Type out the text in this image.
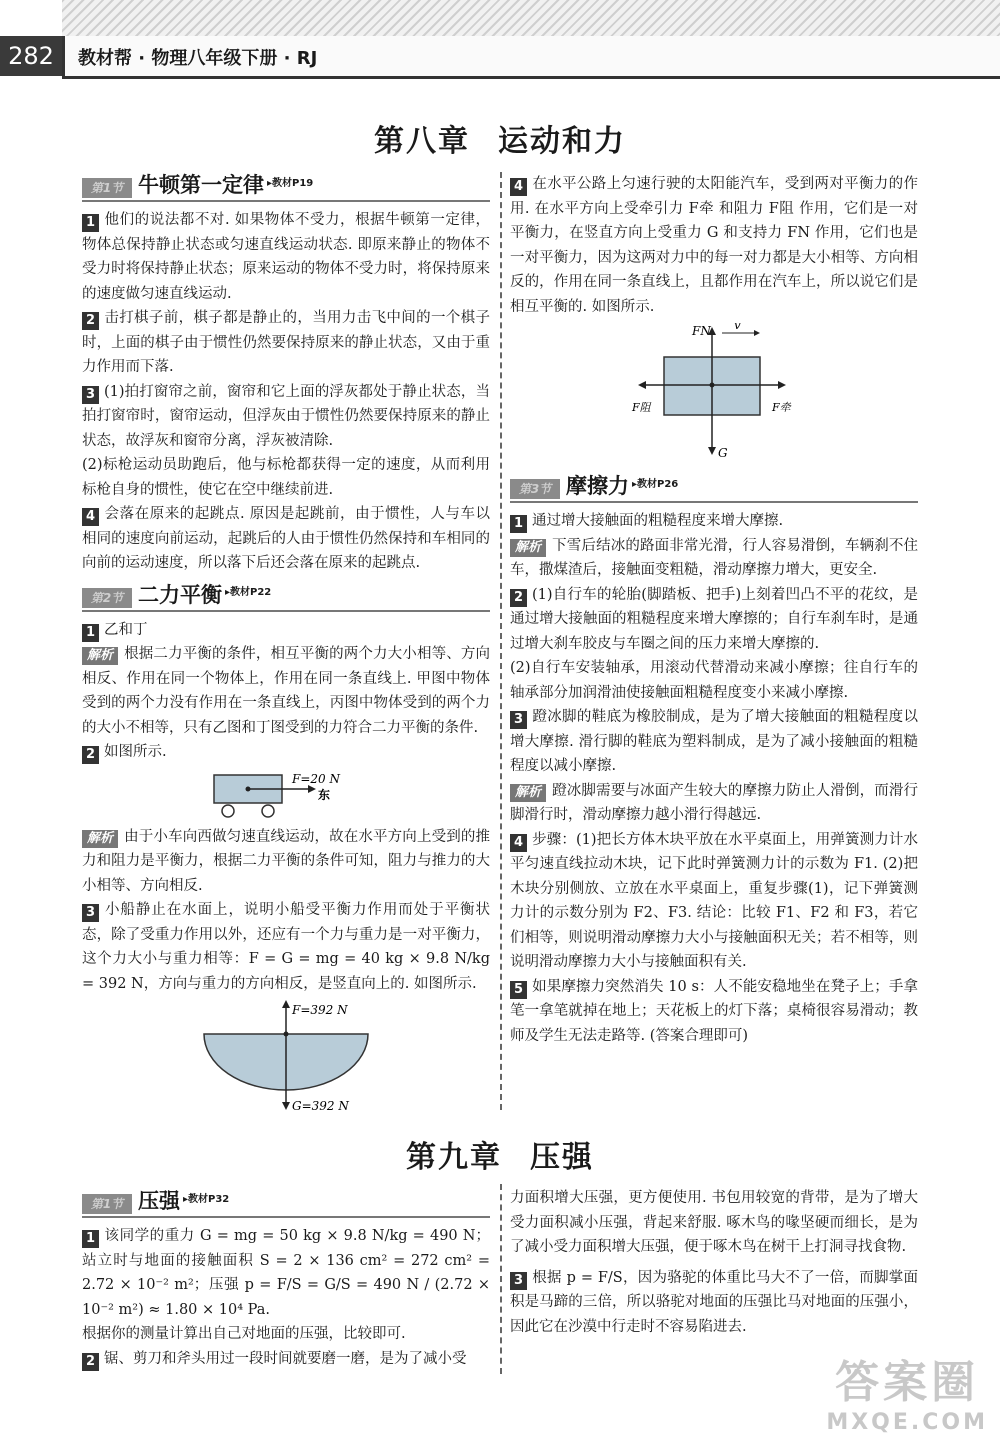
282	教材帮 · 物理八年级下册 · RJ
第八章 运动和力
第1节 牛顿第一定律 ▸教材P19

1 他们的说法都不对. 如果物体不受力，根据牛顿第一定律，物体总保持静止状态或匀速直线运动状态. 即原来静止的物体不受力时将保持静止状态；原来运动的物体不受力时，将保持原来的速度做匀速直线运动.

2 击打棋子前，棋子都是静止的，当用力击飞中间的一个棋子时，上面的棋子由于惯性仍然要保持原来的静止状态，又由于重力作用而下落.

3 (1)拍打窗帘之前，窗帘和它上面的浮灰都处于静止状态，当拍打窗帘时，窗帘运动，但浮灰由于惯性仍然要保持原来的静止状态，故浮灰和窗帘分离，浮灰被清除.

(2)标枪运动员助跑后，他与标枪都获得一定的速度，从而利用标枪自身的惯性，使它在空中继续前进.

4 会落在原来的起跳点. 原因是起跳前，由于惯性，人与车以相同的速度向前运动，起跳后的人由于惯性仍然保持和车相同的向前的运动速度，所以落下后还会落在原来的起跳点.

第2节 二力平衡 ▸教材P22

1 乙和丁

解析 根据二力平衡的条件，相互平衡的两个力大小相等、方向相反、作用在同一个物体上，作用在同一条直线上. 甲图中物体受到的两个力没有作用在一条直线上，丙图中物体受到的两个力的大小不相等，只有乙图和丁图受到的力符合二力平衡的条件.

2 如图所示.

F=20 N
东

解析 由于小车向西做匀速直线运动，故在水平方向上受到的推力和阻力是平衡力，根据二力平衡的条件可知，阻力与推力的大小相等、方向相反.

3 小船静止在水面上，说明小船受平衡力作用而处于平衡状态，除了受重力作用以外，还应有一个力与重力是一对平衡力，这个力大小与重力相等：F = G = mg = 40 kg × 9.8 N/kg = 392 N，方向与重力的方向相反，是竖直向上的. 如图所示.

F=392 N
G=392 N

4 在水平公路上匀速行驶的太阳能汽车，受到两对平衡力的作用. 在水平方向上受牵引力 F牵 和阻力 F阻 作用，它们是一对平衡力，在竖直方向上受重力 G 和支持力 FN 作用，它们也是一对平衡力，因为这两对力中的每一对力都是大小相等、方向相反的，作用在同一条直线上，且都作用在汽车上，所以说它们是相互平衡的. 如图所示.

FN v
F阻	F牵
G
第3节 摩擦力 ▸教材P26

1 通过增大接触面的粗糙程度来增大摩擦.

解析 下雪后结冰的路面非常光滑，行人容易滑倒，车辆刹不住车，撒煤渣后，接触面变粗糙，滑动摩擦力增大，更安全.

2 (1)自行车的轮胎(脚踏板、把手)上刻着凹凸不平的花纹，是通过增大接触面的粗糙程度来增大摩擦的；自行车刹车时，是通过增大刹车胶皮与车圈之间的压力来增大摩擦的.

(2)自行车安装轴承，用滚动代替滑动来减小摩擦；往自行车的轴承部分加润滑油使接触面粗糙程度变小来减小摩擦.

3 蹬冰脚的鞋底为橡胶制成，是为了增大接触面的粗糙程度以增大摩擦. 滑行脚的鞋底为塑料制成，是为了减小接触面的粗糙程度以减小摩擦.

解析 蹬冰脚需要与冰面产生较大的摩擦力防止人滑倒，而滑行脚滑行时，滑动摩擦力越小滑行得越远.

4 步骤：(1)把长方体木块平放在水平桌面上，用弹簧测力计水平匀速直线拉动木块，记下此时弹簧测力计的示数为 F1. (2)把木块分别侧放、立放在水平桌面上，重复步骤(1)，记下弹簧测力计的示数分别为 F2、F3. 结论：比较 F1、F2 和 F3，若它们相等，则说明滑动摩擦力大小与接触面积无关；若不相等，则说明滑动摩擦力大小与接触面积有关.

5 如果摩擦力突然消失 10 s：人不能安稳地坐在凳子上；手拿笔一拿笔就掉在地上；天花板上的灯下落；桌椅很容易滑动；教师及学生无法走路等. (答案合理即可)

第九章 压强
第1节 压强 ▸教材P32

1 该同学的重力 G = mg = 50 kg × 9.8 N/kg = 490 N；站立时与地面的接触面积 S = 2 × 136 cm² = 272 cm² = 2.72 × 10⁻² m²；压强 p = F/S = G/S = 490 N / (2.72 × 10⁻² m²) ≈ 1.80 × 10⁴ Pa.

根据你的测量计算出自己对地面的压强，比较即可.

2 锯、剪刀和斧头用过一段时间就要磨一磨，是为了减小受

力面积增大压强，更方便使用. 书包用较宽的背带，是为了增大受力面积减小压强，背起来舒服. 啄木鸟的喙坚硬而细长，是为了减小受力面积增大压强，便于啄木鸟在树干上打洞寻找食物.

3 根据 p = F/S，因为骆驼的体重比马大不了一倍，而脚掌面积是马蹄的三倍，所以骆驼对地面的压强比马对地面的压强小，因此它在沙漠中行走时不容易陷进去.

答案圈
MXQE.COM
